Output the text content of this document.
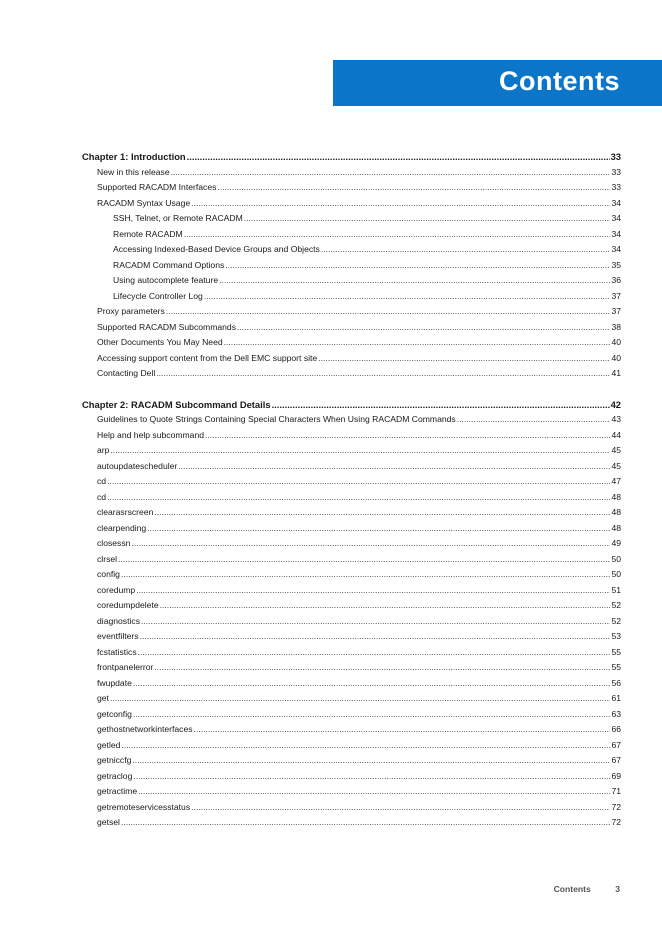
Contents
Chapter 1: Introduction .....	33
New in this release .....	33
Supported RACADM Interfaces .....	33
RACADM Syntax Usage .....	34
SSH, Telnet, or Remote RACADM .....	34
Remote RACADM .....	34
Accessing Indexed-Based Device Groups and Objects .....	34
RACADM Command Options .....	35
Using autocomplete feature .....	36
Lifecycle Controller Log .....	37
Proxy parameters .....	37
Supported RACADM Subcommands .....	38
Other Documents You May Need .....	40
Accessing support content from the Dell EMC support site .....	40
Contacting Dell .....	41
Chapter 2: RACADM Subcommand Details .....	42
Guidelines to Quote Strings Containing Special Characters When Using RACADM Commands .....	43
Help and help subcommand .....	44
arp .....	45
autoupdatescheduler .....	45
cd .....	47
cd .....	48
clearasrscreen .....	48
clearpending .....	48
closessn .....	49
clrsel .....	50
config .....	50
coredump .....	51
coredumpdelete .....	52
diagnostics .....	52
eventfilters .....	53
fcstatistics .....	55
frontpanelerror .....	55
fwupdate .....	56
get .....	61
getconfig .....	63
gethostnetworkinterfaces .....	66
getled .....	67
getniccfg .....	67
getraclog .....	69
getractime .....	71
getremoteservicesstatus .....	72
getsel .....	72
Contents	3
